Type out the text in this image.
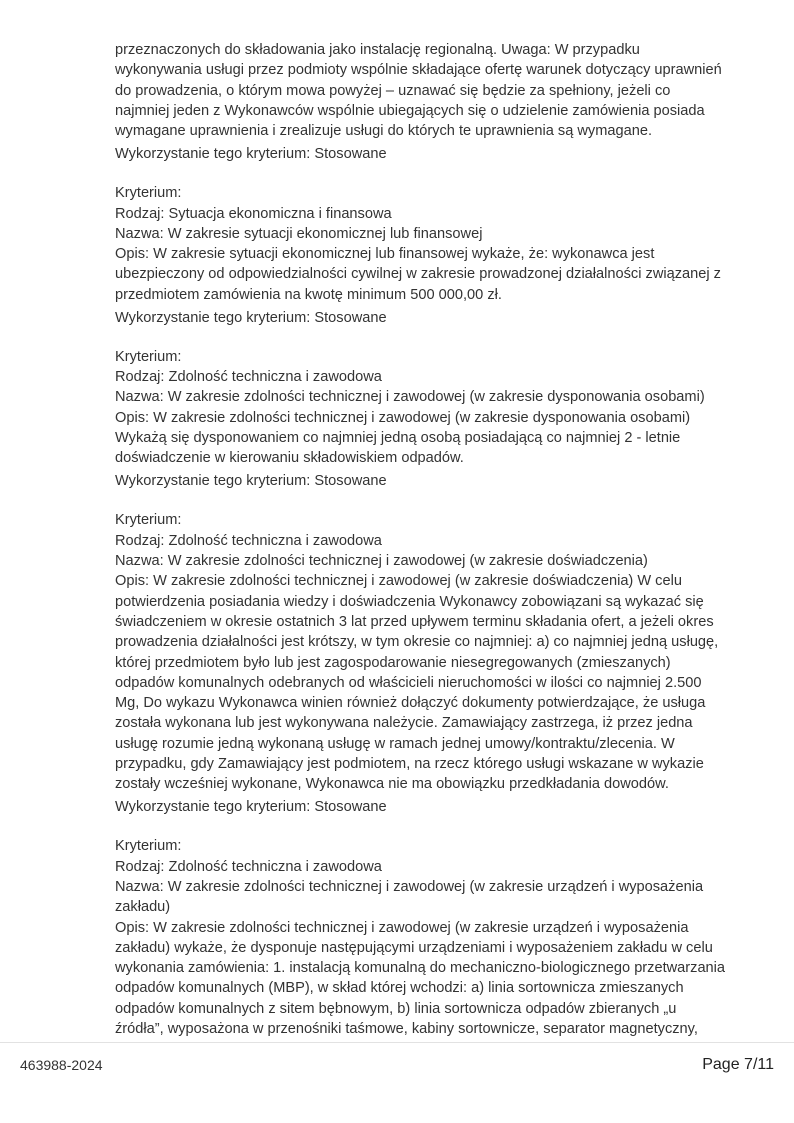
przeznaczonych do składowania jako instalację regionalną. Uwaga: W przypadku
wykonywania usługi przez podmioty wspólnie składające ofertę warunek dotyczący uprawnień
do prowadzenia, o którym mowa powyżej – uznawać się będzie za spełniony, jeżeli co
najmniej jeden z Wykonawców wspólnie ubiegających się o udzielenie zamówienia posiada
wymagane uprawnienia i zrealizuje usługi do których te uprawnienia są wymagane.
Wykorzystanie tego kryterium: Stosowane
Kryterium:
Rodzaj: Sytuacja ekonomiczna i finansowa
Nazwa: W zakresie sytuacji ekonomicznej lub finansowej
Opis: W zakresie sytuacji ekonomicznej lub finansowej wykaże, że: wykonawca jest
ubezpieczony od odpowiedzialności cywilnej w zakresie prowadzonej działalności związanej z
przedmiotem zamówienia na kwotę minimum 500 000,00 zł.
Wykorzystanie tego kryterium: Stosowane
Kryterium:
Rodzaj: Zdolność techniczna i zawodowa
Nazwa: W zakresie zdolności technicznej i zawodowej (w zakresie dysponowania osobami)
Opis: W zakresie zdolności technicznej i zawodowej (w zakresie dysponowania osobami)
Wykażą się dysponowaniem co najmniej jedną osobą posiadającą co najmniej 2 - letnie
doświadczenie w kierowaniu składowiskiem odpadów.
Wykorzystanie tego kryterium: Stosowane
Kryterium:
Rodzaj: Zdolność techniczna i zawodowa
Nazwa: W zakresie zdolności technicznej i zawodowej (w zakresie doświadczenia)
Opis: W zakresie zdolności technicznej i zawodowej (w zakresie doświadczenia) W celu
potwierdzenia posiadania wiedzy i doświadczenia Wykonawcy zobowiązani są wykazać się
świadczeniem w okresie ostatnich 3 lat przed upływem terminu składania ofert, a jeżeli okres
prowadzenia działalności jest krótszy, w tym okresie co najmniej: a) co najmniej jedną usługę,
której przedmiotem było lub jest zagospodarowanie niesegregowanych (zmieszanych)
odpadów komunalnych odebranych od właścicieli nieruchomości w ilości co najmniej 2.500
Mg, Do wykazu Wykonawca winien również dołączyć dokumenty potwierdzające, że usługa
została wykonana lub jest wykonywana należycie. Zamawiający zastrzega, iż przez jedna
usługę rozumie jedną wykonaną usługę w ramach jednej umowy/kontraktu/zlecenia. W
przypadku, gdy Zamawiający jest podmiotem, na rzecz którego usługi wskazane w wykazie
zostały wcześniej wykonane, Wykonawca nie ma obowiązku przedkładania dowodów.
Wykorzystanie tego kryterium: Stosowane
Kryterium:
Rodzaj: Zdolność techniczna i zawodowa
Nazwa: W zakresie zdolności technicznej i zawodowej (w zakresie urządzeń i wyposażenia
zakładu)
Opis: W zakresie zdolności technicznej i zawodowej (w zakresie urządzeń i wyposażenia
zakładu) wykaże, że dysponuje następującymi urządzeniami i wyposażeniem zakładu w celu
wykonania zamówienia: 1. instalacją komunalną do mechaniczno-biologicznego przetwarzania
odpadów komunalnych (MBP), w skład której wchodzi: a) linia sortownicza zmieszanych
odpadów komunalnych z sitem bębnowym, b) linia sortownicza odpadów zbieranych „u
źródła”, wyposażona w przenośniki taśmowe, kabiny sortownicze, separator magnetyczny,
463988-2024	Page 7/11
